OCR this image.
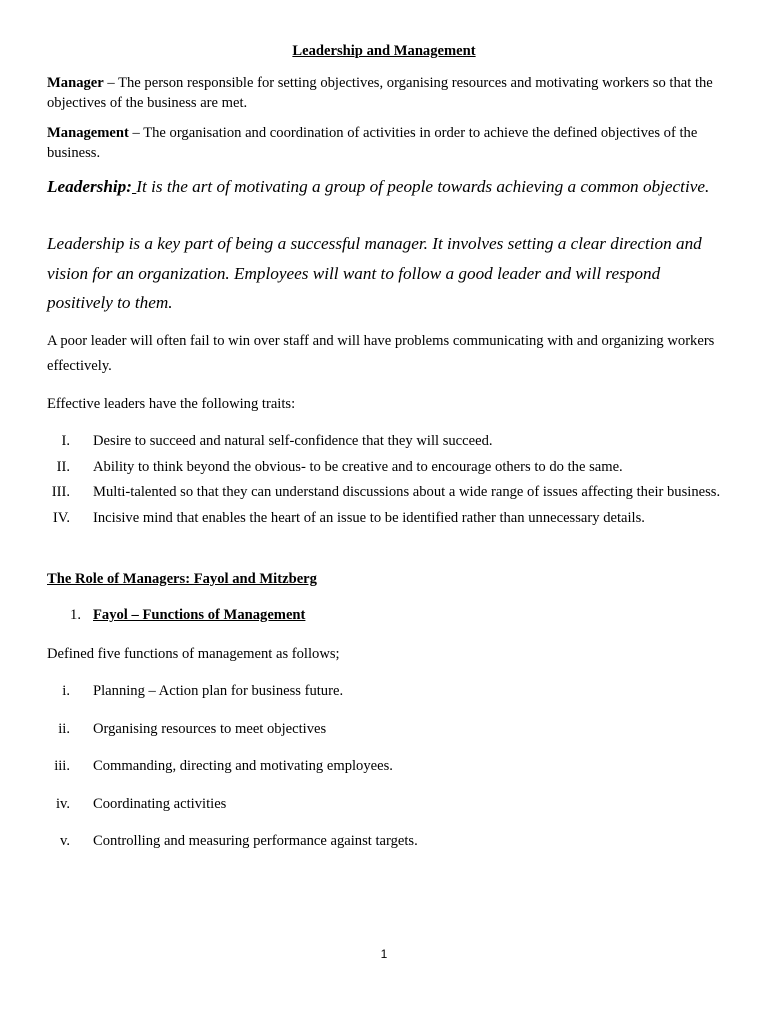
Leadership and Management

Manager – The person responsible for setting objectives, organising resources and motivating workers so that the objectives of the business are met.

Management – The organisation and coordination of activities in order to achieve the defined objectives of the business.

Leadership: It is the art of motivating a group of people towards achieving a common objective.

Leadership is a key part of being a successful manager. It involves setting a clear direction and vision for an organization. Employees will want to follow a good leader and will respond positively to them.

A poor leader will often fail to win over staff and will have problems communicating with and organizing workers effectively.

Effective leaders have the following traits:

I. Desire to succeed and natural self-confidence that they will succeed.
II. Ability to think beyond the obvious- to be creative and to encourage others to do the same.
III. Multi-talented so that they can understand discussions about a wide range of issues affecting their business.
IV. Incisive mind that enables the heart of an issue to be identified rather than unnecessary details.

The Role of Managers: Fayol and Mitzberg

1. Fayol – Functions of Management

Defined five functions of management as follows;

i. Planning – Action plan for business future.
ii. Organising resources to meet objectives
iii. Commanding, directing and motivating employees.
iv. Coordinating activities
v. Controlling and measuring performance against targets.
1
